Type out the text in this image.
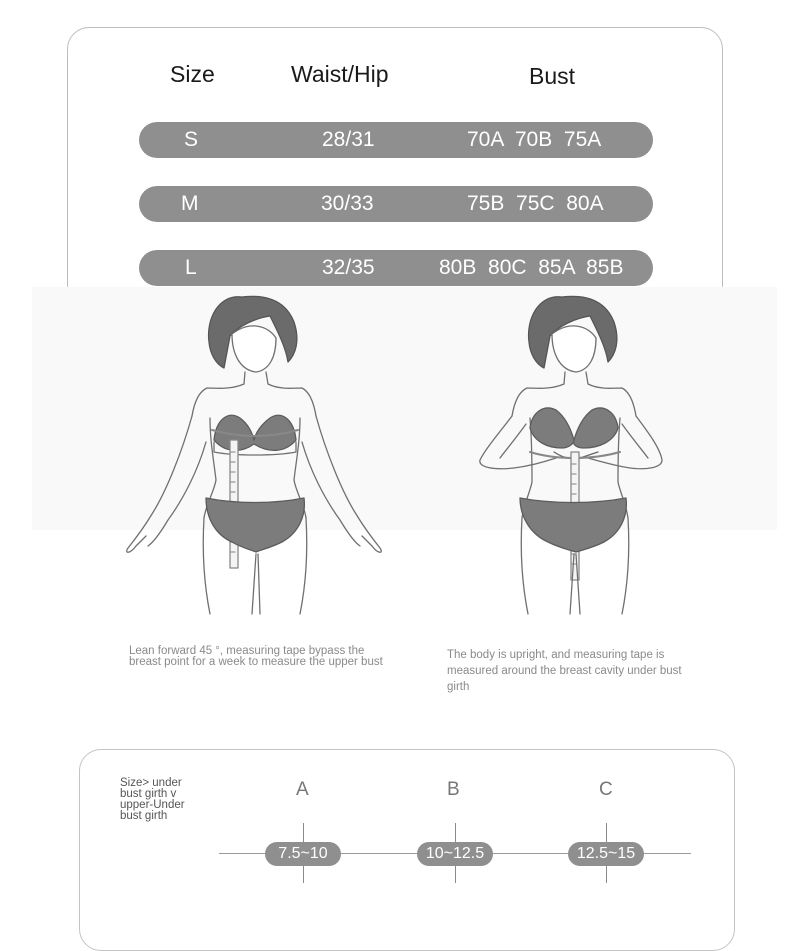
Size	Waist/Hip	Bust
S	28/31	70A  70B  75A
M	30/33	75B  75C  80A
L	32/35	80B  80C  85A  85B
Lean forward 45 °, measuring tape bypass the breast point for a week to measure the upper bust
The body is upright, and measuring tape is measured around the breast cavity under bust girth
Size> under bust girth v upper-Under bust girth
A	B	C
7.5~10	10~12.5	12.5~15
